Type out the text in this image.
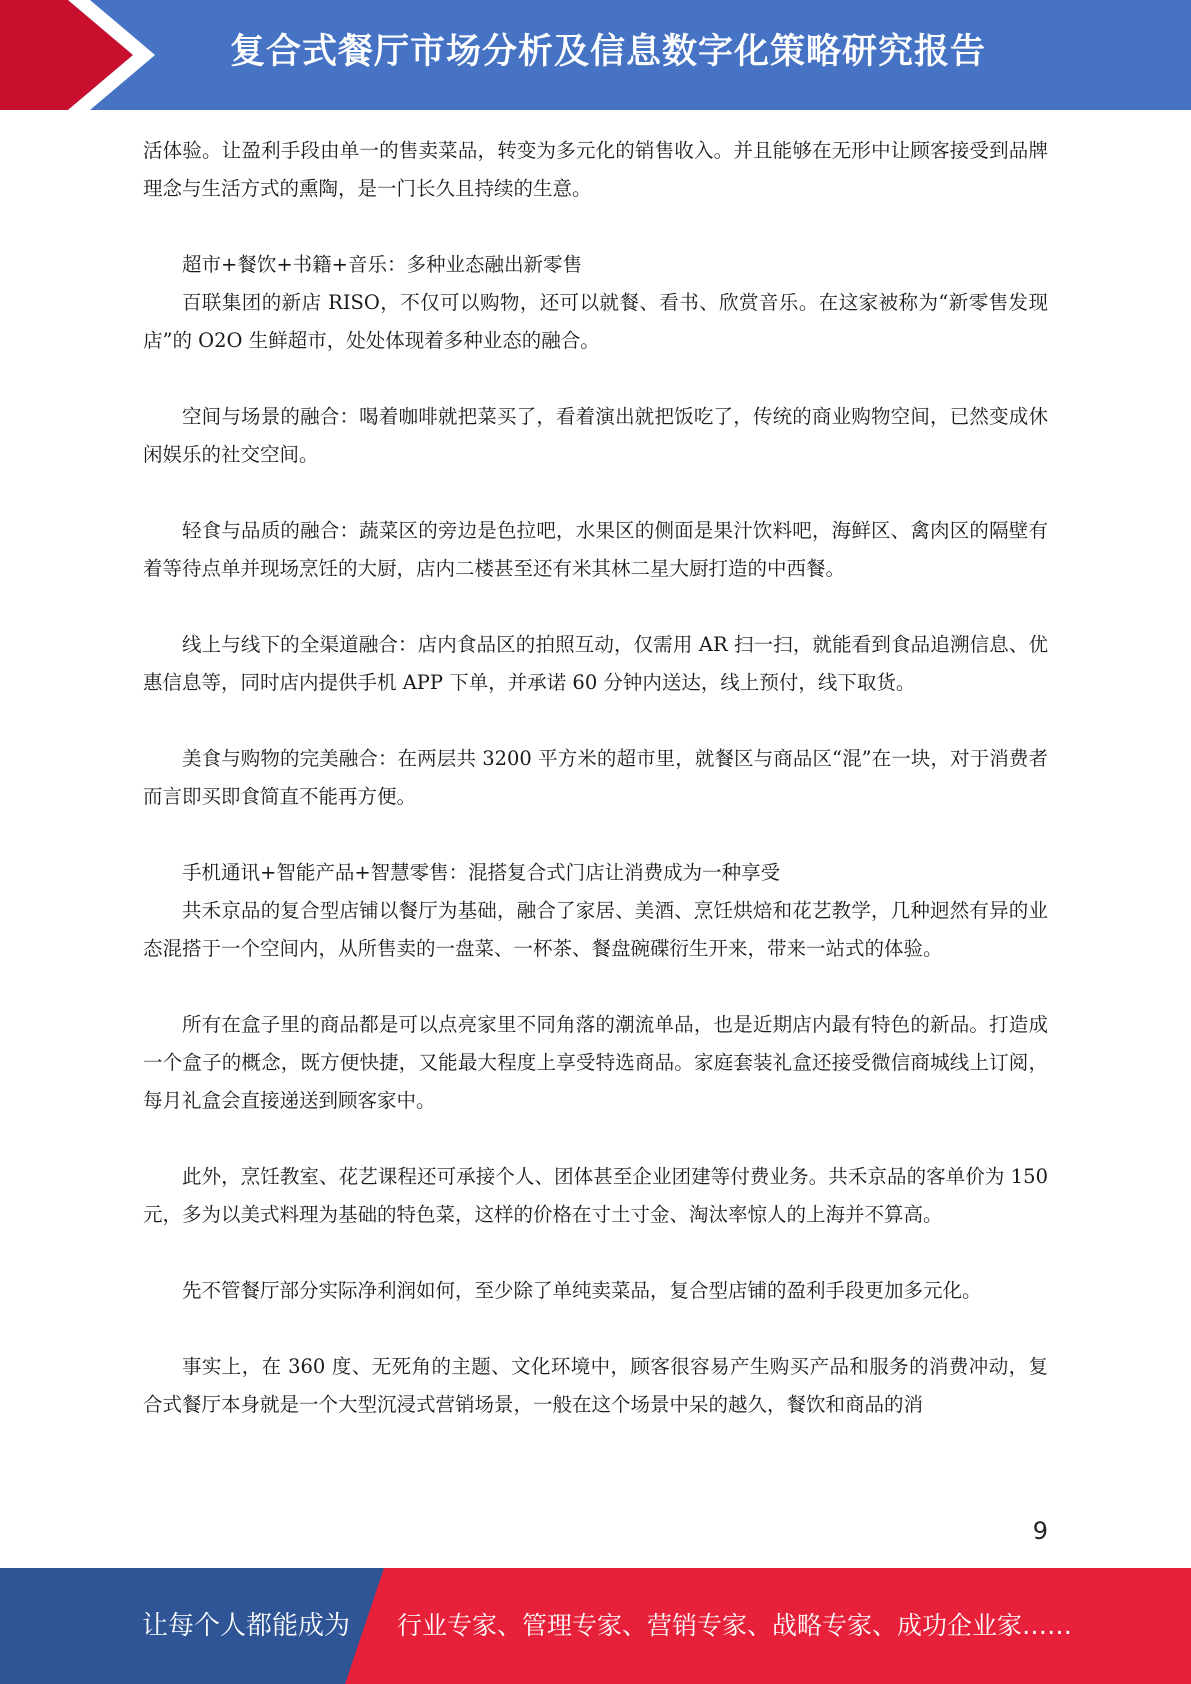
复合式餐厅市场分析及信息数字化策略研究报告

活体验。让盈利手段由单一的售卖菜品，转变为多元化的销售收入。并且能够在无形中让顾客接受到品牌理念与生活方式的熏陶，是一门长久且持续的生意。

超市+餐饮+书籍+音乐：多种业态融出新零售

百联集团的新店 RISO，不仅可以购物，还可以就餐、看书、欣赏音乐。在这家被称为“新零售发现店”的 O2O 生鲜超市，处处体现着多种业态的融合。

空间与场景的融合：喝着咖啡就把菜买了，看着演出就把饭吃了，传统的商业购物空间，已然变成休闲娱乐的社交空间。

轻食与品质的融合：蔬菜区的旁边是色拉吧，水果区的侧面是果汁饮料吧，海鲜区、禽肉区的隔壁有着等待点单并现场烹饪的大厨，店内二楼甚至还有米其林二星大厨打造的中西餐。

线上与线下的全渠道融合：店内食品区的拍照互动，仅需用 AR 扫一扫，就能看到食品追溯信息、优惠信息等，同时店内提供手机 APP 下单，并承诺 60 分钟内送达，线上预付，线下取货。

美食与购物的完美融合：在两层共 3200 平方米的超市里，就餐区与商品区“混”在一块，对于消费者而言即买即食简直不能再方便。

手机通讯+智能产品+智慧零售：混搭复合式门店让消费成为一种享受

共禾京品的复合型店铺以餐厅为基础，融合了家居、美酒、烹饪烘焙和花艺教学，几种迥然有异的业态混搭于一个空间内，从所售卖的一盘菜、一杯茶、餐盘碗碟衍生开来，带来一站式的体验。

所有在盒子里的商品都是可以点亮家里不同角落的潮流单品，也是近期店内最有特色的新品。打造成一个盒子的概念，既方便快捷，又能最大程度上享受特选商品。家庭套装礼盒还接受微信商城线上订阅，每月礼盒会直接递送到顾客家中。

此外，烹饪教室、花艺课程还可承接个人、团体甚至企业团建等付费业务。共禾京品的客单价为 150 元，多为以美式料理为基础的特色菜，这样的价格在寸土寸金、淘汰率惊人的上海并不算高。

先不管餐厅部分实际净利润如何，至少除了单纯卖菜品，复合型店铺的盈利手段更加多元化。

事实上，在 360 度、无死角的主题、文化环境中，顾客很容易产生购买产品和服务的消费冲动，复合式餐厅本身就是一个大型沉浸式营销场景，一般在这个场景中呆的越久，餐饮和商品的消

9
让每个人都能成为 行业专家、管理专家、营销专家、战略专家、成功企业家……
